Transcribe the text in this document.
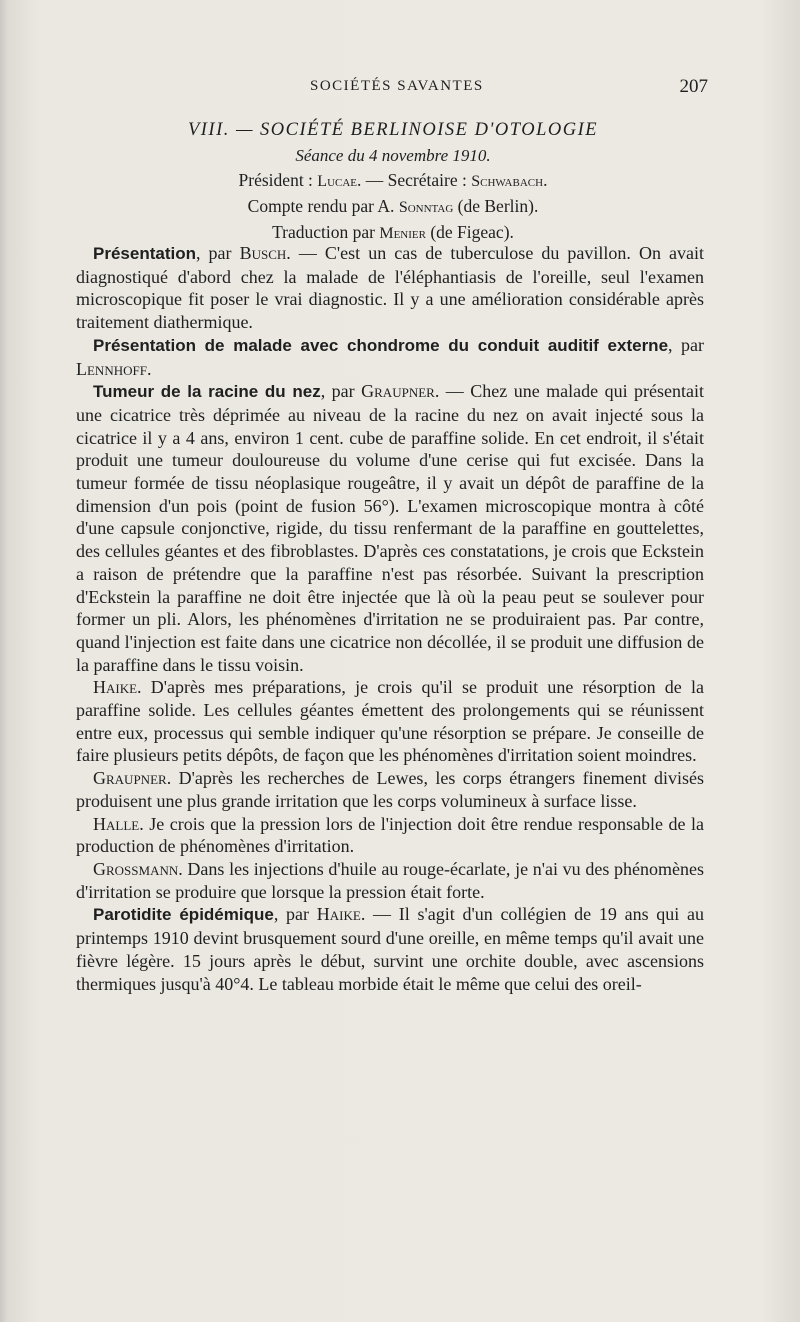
SOCIÉTÉS SAVANTES	207
VIII. — SOCIÉTÉ BERLINOISE D'OTOLOGIE
Séance du 4 novembre 1910.
Président : Lucae. — Secrétaire : Schwabach.
Compte rendu par A. Sonntag (de Berlin).
Traduction par Menier (de Figeac).

Présentation, par Busch. — C'est un cas de tuberculose du pavillon. On avait diagnostiqué d'abord chez la malade de l'éléphantiasis de l'oreille, seul l'examen microscopique fit poser le vrai diagnostic. Il y a une amélioration considérable après traitement diathermique.

Présentation de malade avec chondrome du conduit auditif externe, par Lennhoff.

Tumeur de la racine du nez, par Graupner. — Chez une malade qui présentait une cicatrice très déprimée au niveau de la racine du nez on avait injecté sous la cicatrice il y a 4 ans, environ 1 cent. cube de paraffine solide. En cet endroit, il s'était produit une tumeur douloureuse du volume d'une cerise qui fut excisée. Dans la tumeur formée de tissu néoplasique rougeâtre, il y avait un dépôt de paraffine de la dimension d'un pois (point de fusion 56°). L'examen microscopique montra à côté d'une capsule conjonctive, rigide, du tissu renfermant de la paraffine en gouttelettes, des cellules géantes et des fibroblastes. D'après ces constatations, je crois que Eckstein a raison de prétendre que la paraffine n'est pas résorbée. Suivant la prescription d'Eckstein la paraffine ne doit être injectée que là où la peau peut se soulever pour former un pli. Alors, les phénomènes d'irritation ne se produiraient pas. Par contre, quand l'injection est faite dans une cicatrice non décollée, il se produit une diffusion de la paraffine dans le tissu voisin.

Haike. D'après mes préparations, je crois qu'il se produit une résorption de la paraffine solide. Les cellules géantes émettent des prolongements qui se réunissent entre eux, processus qui semble indiquer qu'une résorption se prépare. Je conseille de faire plusieurs petits dépôts, de façon que les phénomènes d'irritation soient moindres.

Graupner. D'après les recherches de Lewes, les corps étrangers finement divisés produisent une plus grande irritation que les corps volumineux à surface lisse.

Halle. Je crois que la pression lors de l'injection doit être rendue responsable de la production de phénomènes d'irritation.

Grossmann. Dans les injections d'huile au rouge-écarlate, je n'ai vu des phénomènes d'irritation se produire que lorsque la pression était forte.

Parotidite épidémique, par Haike. — Il s'agit d'un collégien de 19 ans qui au printemps 1910 devint brusquement sourd d'une oreille, en même temps qu'il avait une fièvre légère. 15 jours après le début, survint une orchite double, avec ascensions thermiques jusqu'à 40°4. Le tableau morbide était le même que celui des oreil-
